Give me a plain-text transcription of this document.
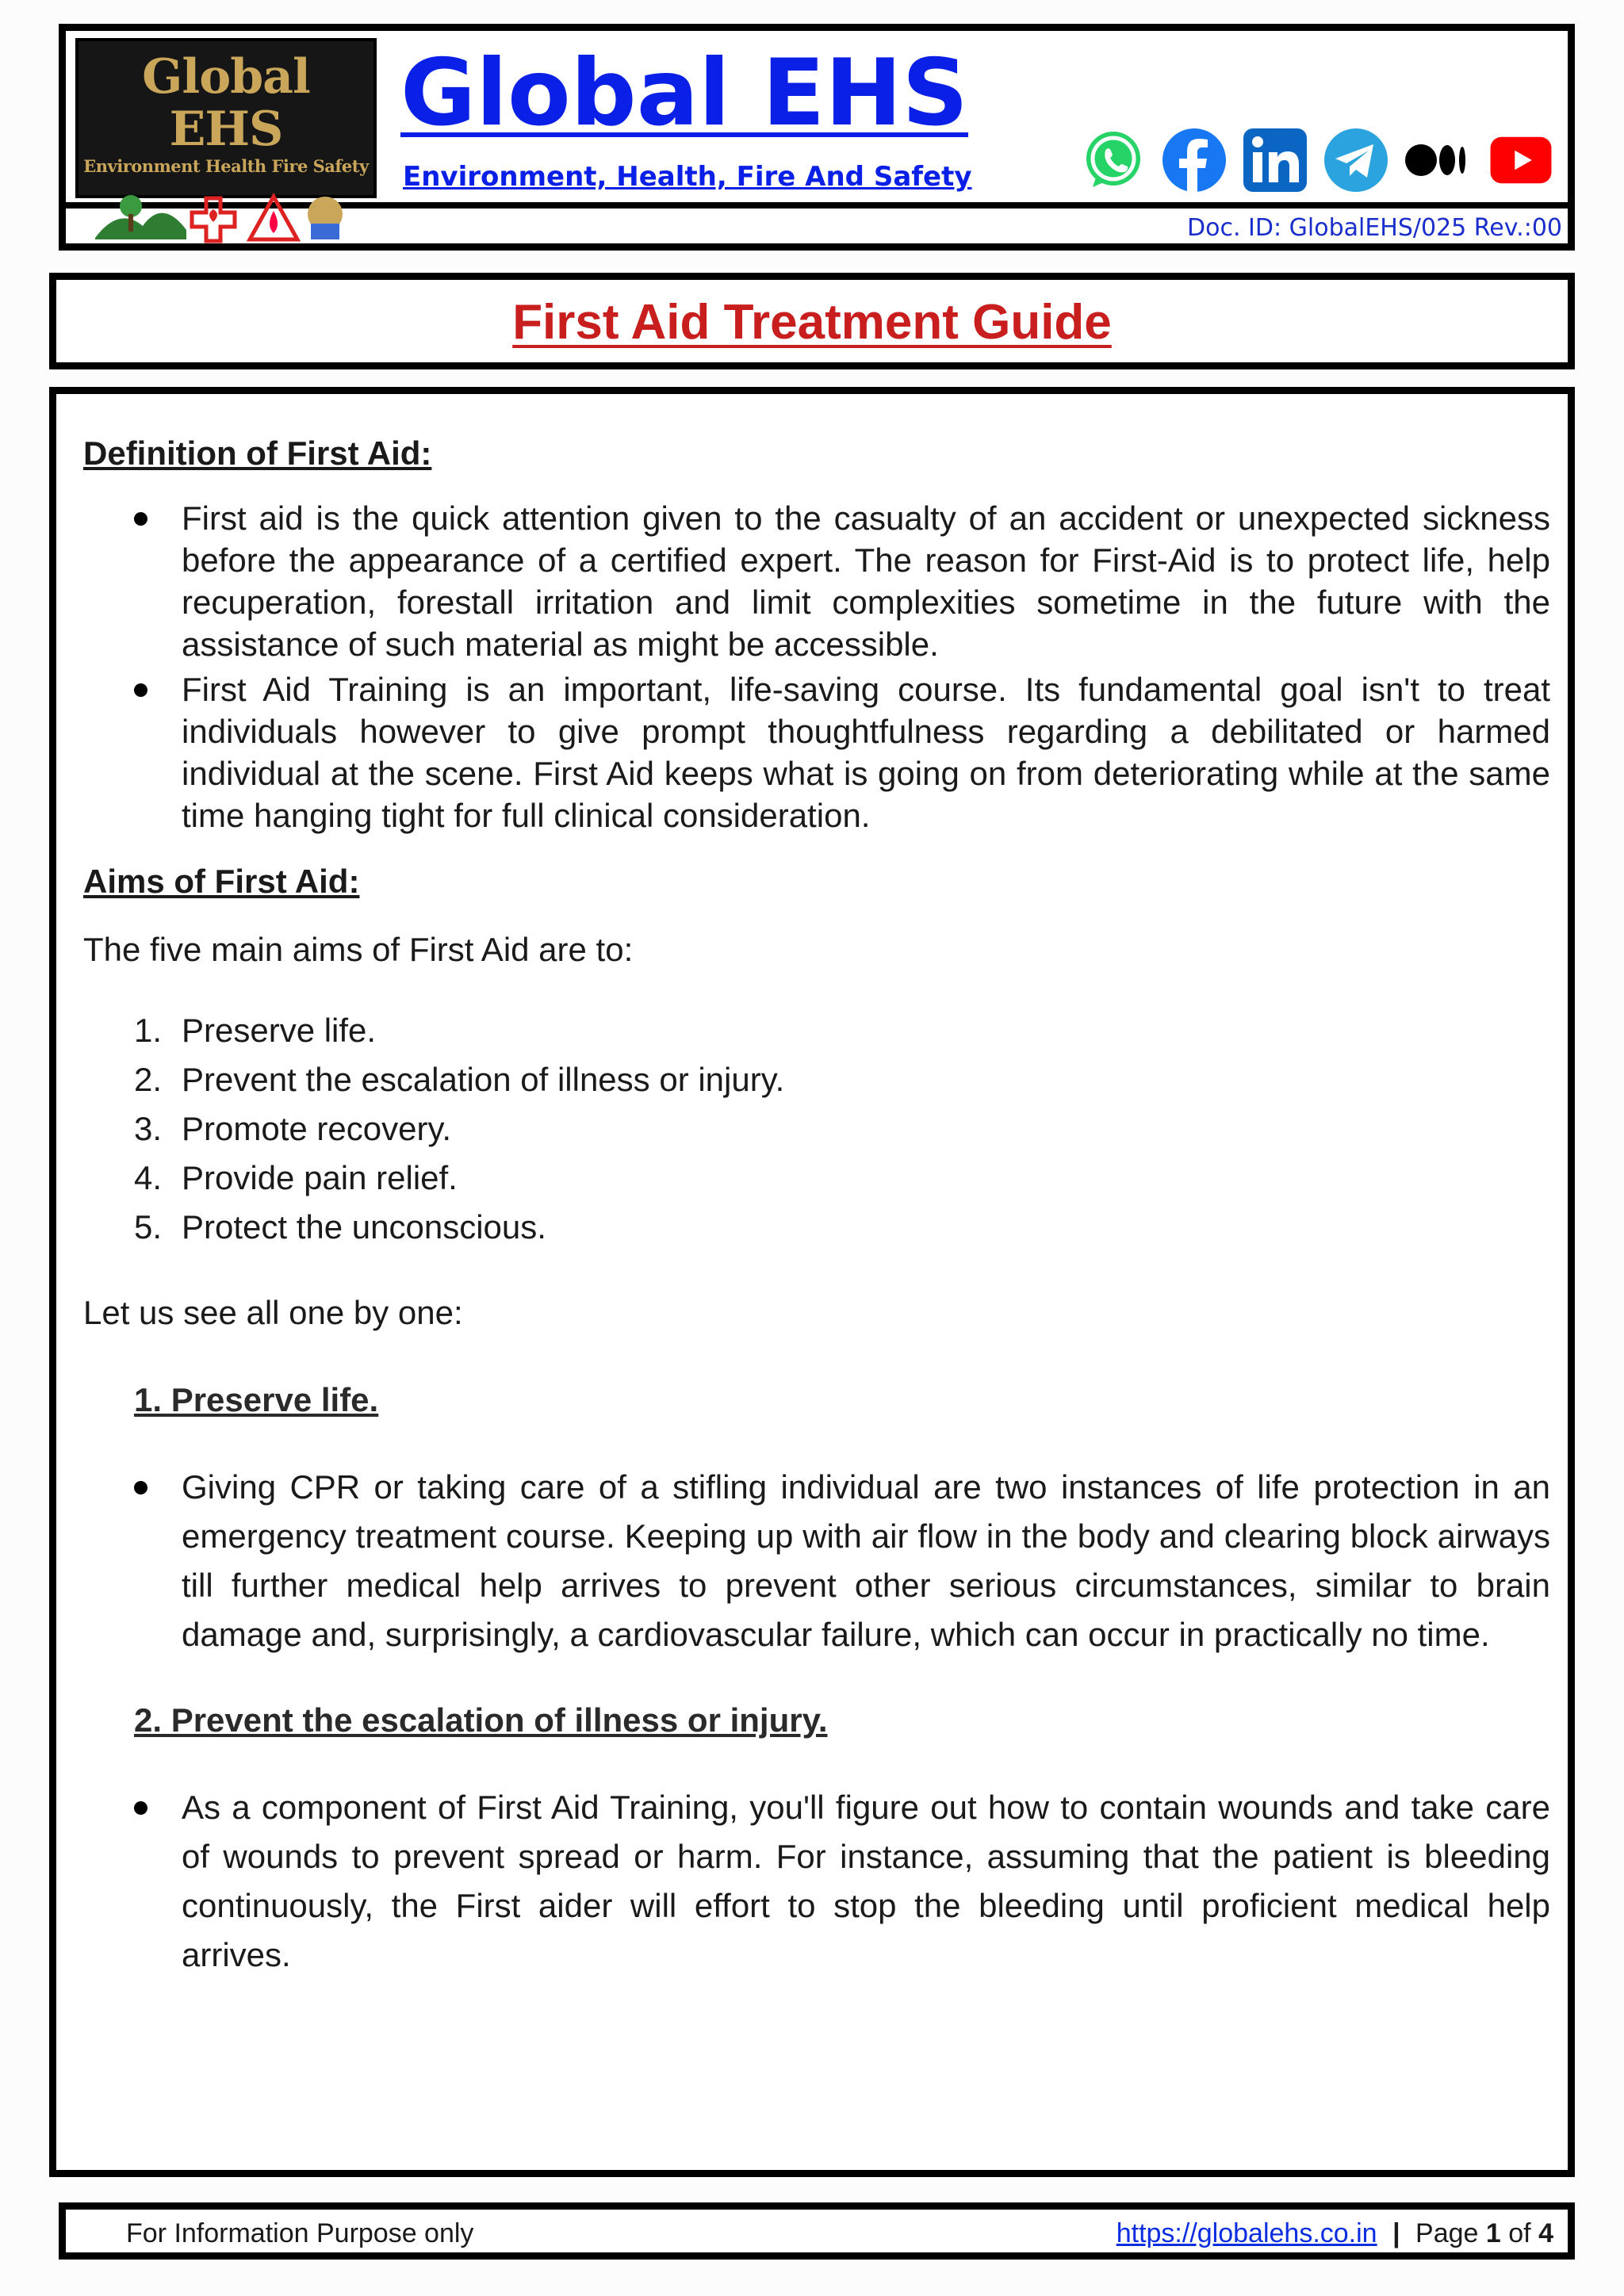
Global EHS
Environment Health Fire Safety
Global EHS
Environment, Health, Fire And Safety
Doc. ID: GlobalEHS/025 Rev.:00
First Aid Treatment Guide
Definition of First Aid:
First aid is the quick attention given to the casualty of an accident or unexpected sickness before the appearance of a certified expert. The reason for First-Aid is to protect life, help recuperation, forestall irritation and limit complexities sometime in the future with the assistance of such material as might be accessible.
First Aid Training is an important, life-saving course. Its fundamental goal isn't to treat individuals however to give prompt thoughtfulness regarding a debilitated or harmed individual at the scene. First Aid keeps what is going on from deteriorating while at the same time hanging tight for full clinical consideration.
Aims of First Aid:

The five main aims of First Aid are to:

1. Preserve life.
2. Prevent the escalation of illness or injury.
3. Promote recovery.
4. Provide pain relief.
5. Protect the unconscious.

Let us see all one by one:

1. Preserve life.
Giving CPR or taking care of a stifling individual are two instances of life protection in an emergency treatment course. Keeping up with air flow in the body and clearing block airways till further medical help arrives to prevent other serious circumstances, similar to brain damage and, surprisingly, a cardiovascular failure, which can occur in practically no time.
2. Prevent the escalation of illness or injury.
As a component of First Aid Training, you'll figure out how to contain wounds and take care of wounds to prevent spread or harm. For instance, assuming that the patient is bleeding continuously, the First aider will effort to stop the bleeding until proficient medical help arrives.
For Information Purpose only	https://globalehs.co.in | Page 1 of 4
